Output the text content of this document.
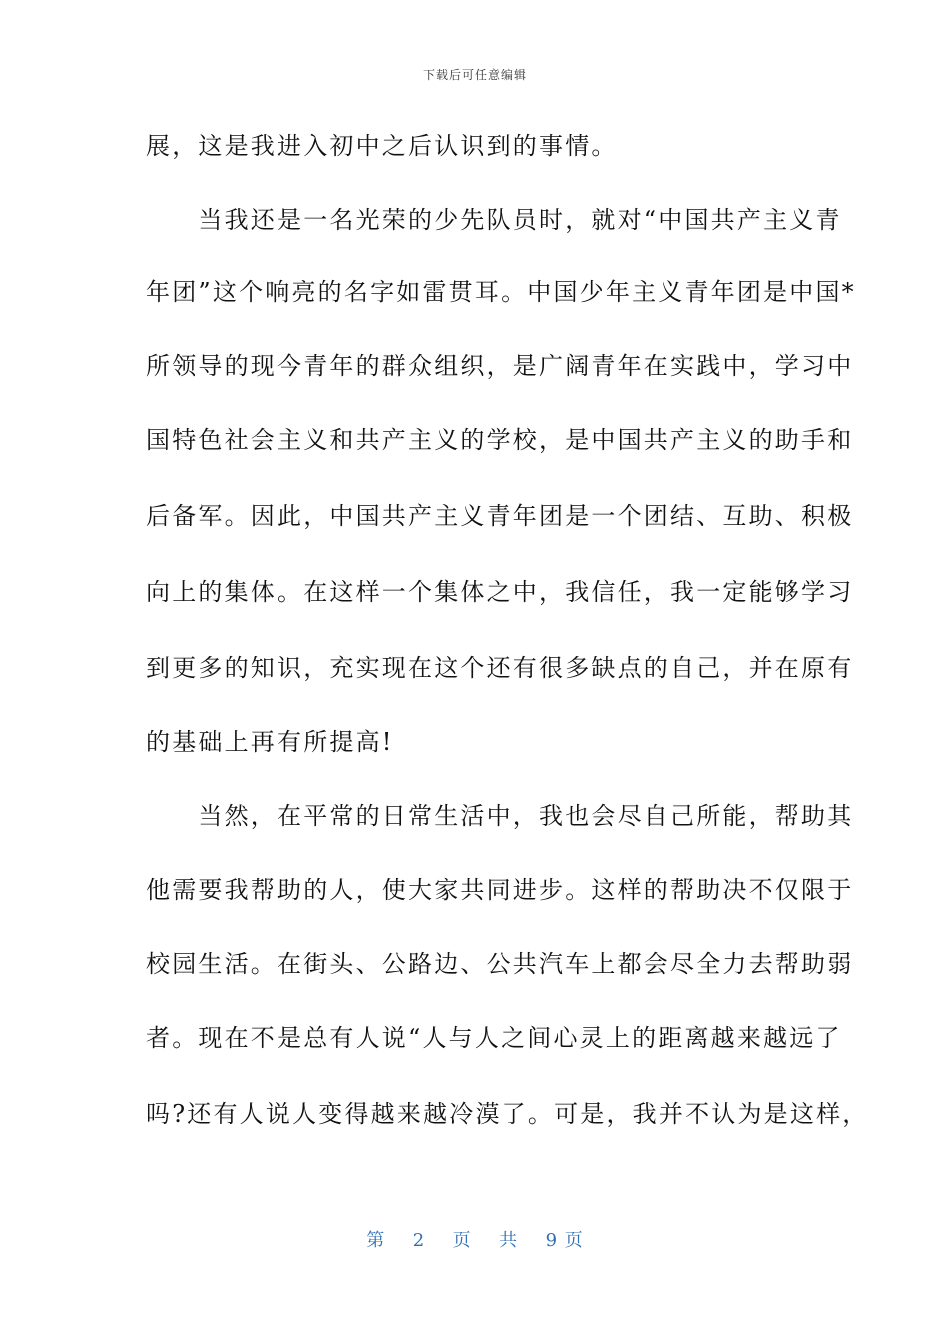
下载后可任意编辑
展，这是我进入初中之后认识到的事情。
　　当我还是一名光荣的少先队员时，就对“中国共产主义青
年团”这个响亮的名字如雷贯耳。中国少年主义青年团是中国*
所领导的现今青年的群众组织，是广阔青年在实践中，学习中
国特色社会主义和共产主义的学校，是中国共产主义的助手和
后备军。因此，中国共产主义青年团是一个团结、互助、积极
向上的集体。在这样一个集体之中，我信任，我一定能够学习
到更多的知识，充实现在这个还有很多缺点的自己，并在原有
的基础上再有所提高!
　　当然，在平常的日常生活中，我也会尽自己所能，帮助其
他需要我帮助的人，使大家共同进步。这样的帮助决不仅限于
校园生活。在街头、公路边、公共汽车上都会尽全力去帮助弱
者。现在不是总有人说“人与人之间心灵上的距离越来越远了
吗?还有人说人变得越来越冷漠了。可是，我并不认为是这样，
第 2 页 共 9 页
